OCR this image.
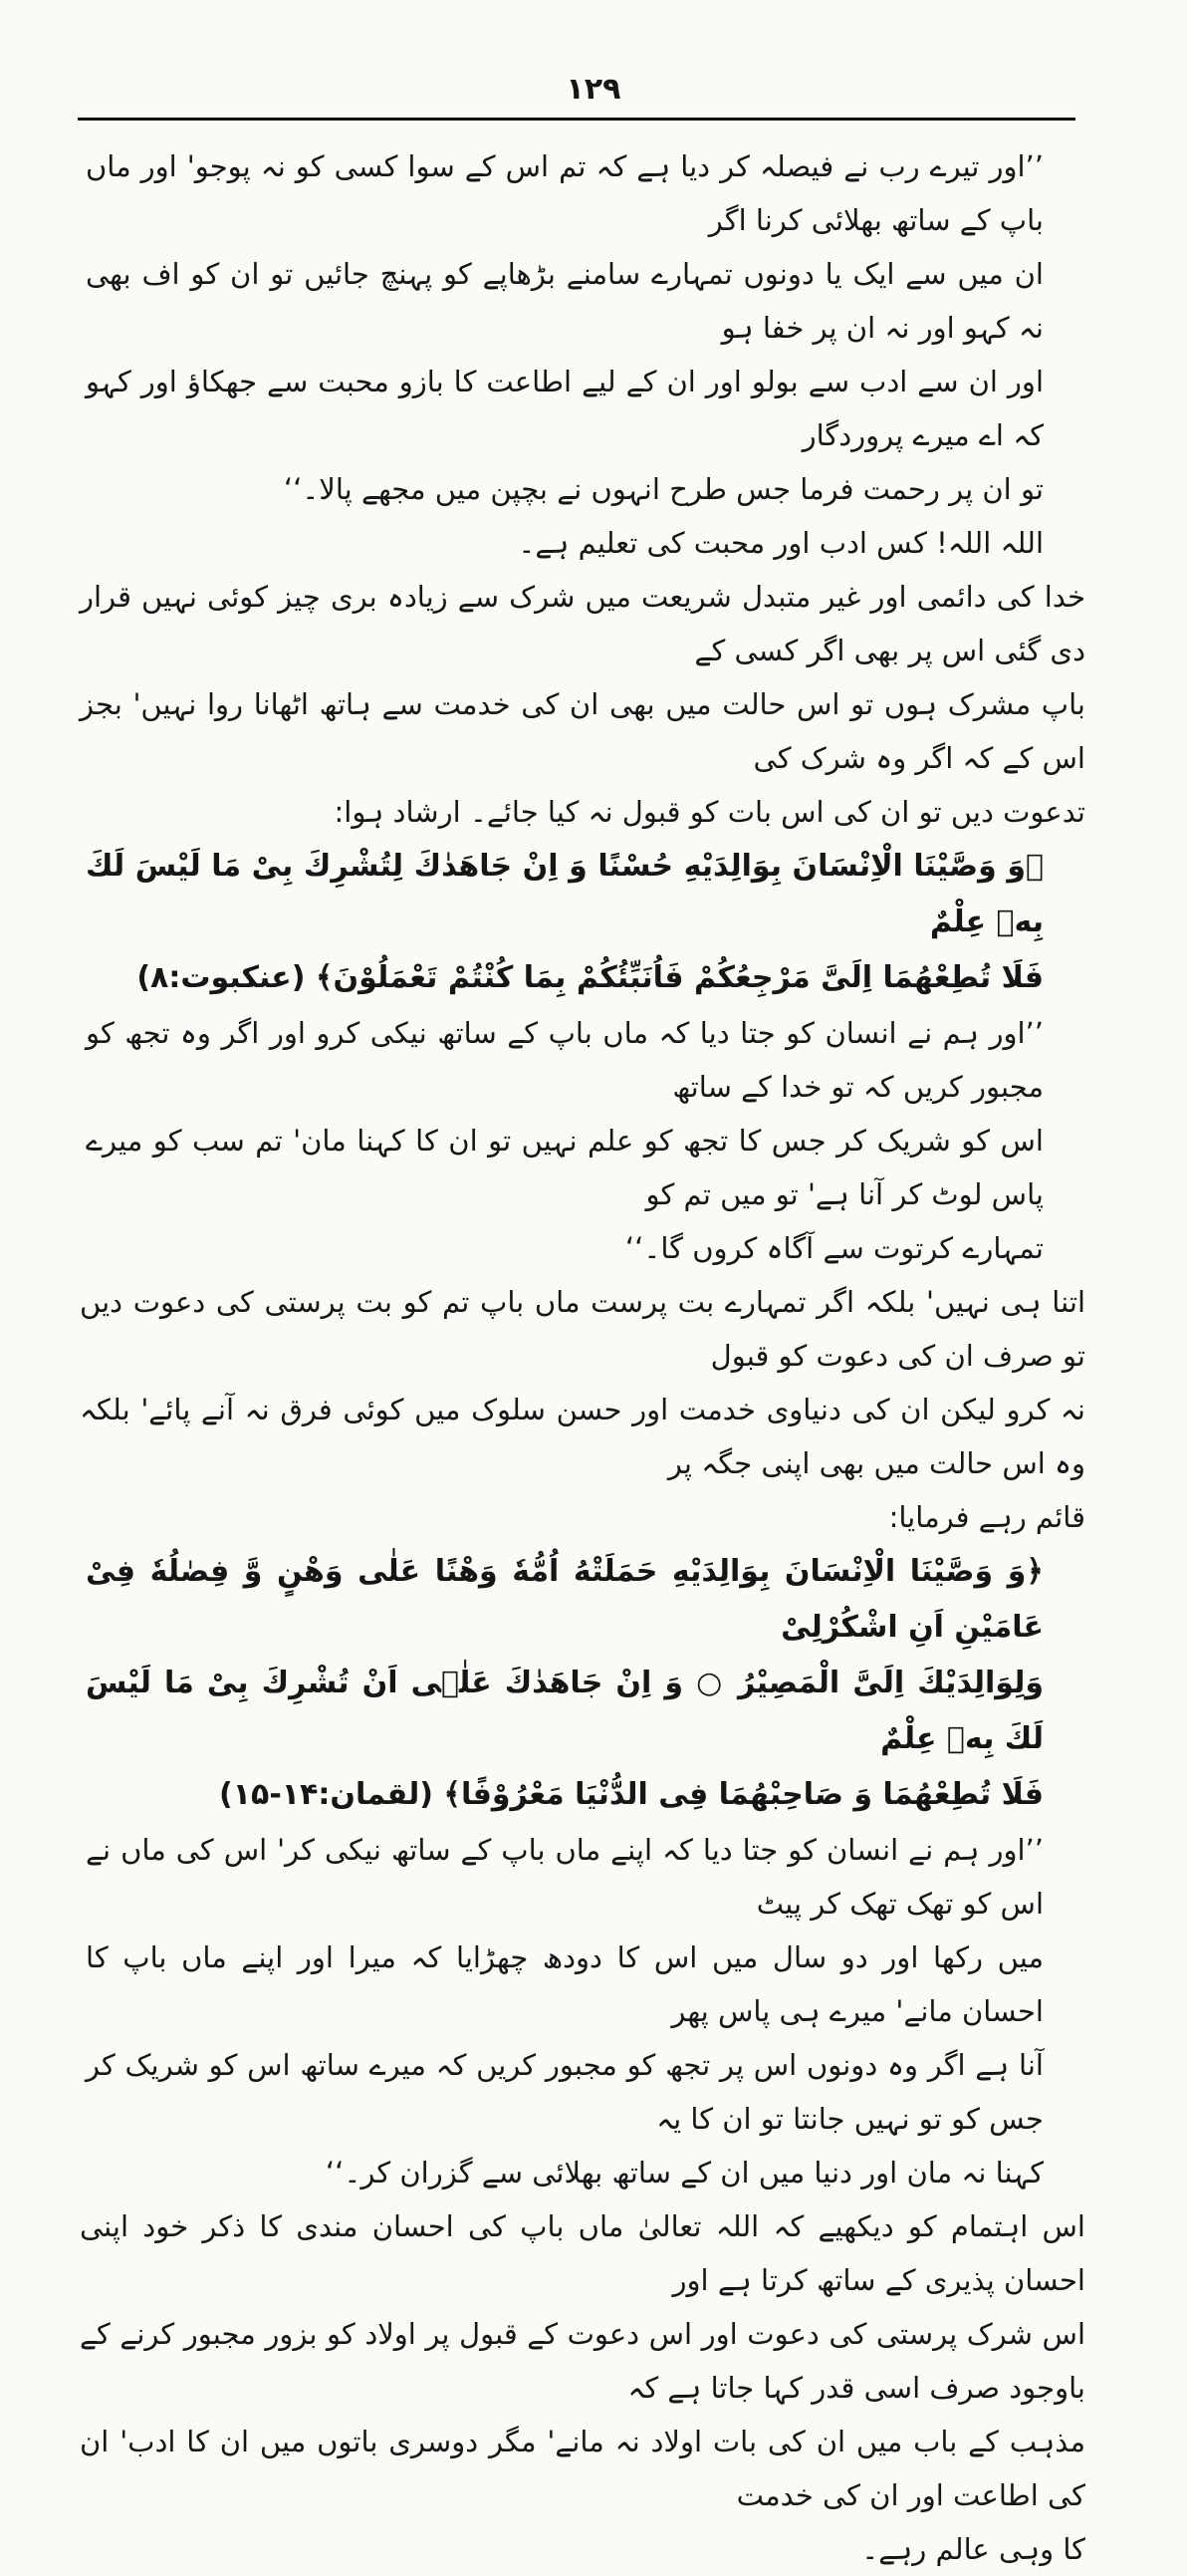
۱۲۹

’’اور تیرے رب نے فیصلہ کر دیا ہے کہ تم اس کے سوا کسی کو نہ پوجو' اور ماں باپ کے ساتھ بھلائی کرنا اگر

ان میں سے ایک یا دونوں تمہارے سامنے بڑھاپے کو پہنچ جائیں تو ان کو اف بھی نہ کہو اور نہ ان پر خفا ہو

اور ان سے ادب سے بولو اور ان کے لیے اطاعت کا بازو محبت سے جھکاؤ اور کہو کہ اے میرے پروردگار

تو ان پر رحمت فرما جس طرح انہوں نے بچپن میں مجھے پالا۔‘‘

اللہ اللہ! کس ادب اور محبت کی تعلیم ہے۔

خدا کی دائمی اور غیر متبدل شریعت میں شرک سے زیادہ بری چیز کوئی نہیں قرار دی گئی اس پر بھی اگر کسی کے

باپ مشرک ہوں تو اس حالت میں بھی ان کی خدمت سے ہاتھ اٹھانا روا نہیں' بجز اس کے کہ اگر وہ شرک کی

تدعوت دیں تو ان کی اس بات کو قبول نہ کیا جائے۔ ارشاد ہوا:

﴿وَ وَصَّیْنَا الْاِنْسَانَ بِوَالِدَیْهِ حُسْنًا وَ اِنْ جَاهَدٰكَ لِتُشْرِكَ بِیْ مَا لَیْسَ لَكَ بِهٖ عِلْمٌ

فَلَا تُطِعْهُمَا اِلَیَّ مَرْجِعُكُمْ فَاُنَبِّئُكُمْ بِمَا كُنْتُمْ تَعْمَلُوْنَ﴾ (عنکبوت:۸)

’’اور ہم نے انسان کو جتا دیا کہ ماں باپ کے ساتھ نیکی کرو اور اگر وہ تجھ کو مجبور کریں کہ تو خدا کے ساتھ

اس کو شریک کر جس کا تجھ کو علم نہیں تو ان کا کہنا مان' تم سب کو میرے پاس لوٹ کر آنا ہے' تو میں تم کو

تمہارے کرتوت سے آگاہ کروں گا۔‘‘

اتنا ہی نہیں' بلکہ اگر تمہارے بت پرست ماں باپ تم کو بت پرستی کی دعوت دیں تو صرف ان کی دعوت کو قبول

نہ کرو لیکن ان کی دنیاوی خدمت اور حسن سلوک میں کوئی فرق نہ آنے پائے' بلکہ وہ اس حالت میں بھی اپنی جگہ پر

قائم رہے فرمایا:

﴿وَ وَصَّیْنَا الْاِنْسَانَ بِوَالِدَیْهِ حَمَلَتْهُ اُمُّهٗ وَهْنًا عَلٰی وَهْنٍ وَّ فِصٰلُهٗ فِیْ عَامَیْنِ اَنِ اشْكُرْلِیْ

وَلِوَالِدَیْكَ اِلَیَّ الْمَصِیْرُ ○ وَ اِنْ جَاهَدٰكَ عَلٰۤی اَنْ تُشْرِكَ بِیْ مَا لَیْسَ لَكَ بِهٖ عِلْمٌ

فَلَا تُطِعْهُمَا وَ صَاحِبْهُمَا فِی الدُّنْیَا مَعْرُوْفًا﴾ (لقمان:۱۴-۱۵)

’’اور ہم نے انسان کو جتا دیا کہ اپنے ماں باپ کے ساتھ نیکی کر' اس کی ماں نے اس کو تھک تھک کر پیٹ

میں رکھا اور دو سال میں اس کا دودھ چھڑایا کہ میرا اور اپنے ماں باپ کا احسان مانے' میرے ہی پاس پھر

آنا ہے اگر وہ دونوں اس پر تجھ کو مجبور کریں کہ میرے ساتھ اس کو شریک کر جس کو تو نہیں جانتا تو ان کا یہ

کہنا نہ مان اور دنیا میں ان کے ساتھ بھلائی سے گزران کر۔‘‘

اس اہتمام کو دیکھیے کہ اللہ تعالیٰ ماں باپ کی احسان مندی کا ذکر خود اپنی احسان پذیری کے ساتھ کرتا ہے اور

اس شرک پرستی کی دعوت اور اس دعوت کے قبول پر اولاد کو بزور مجبور کرنے کے باوجود صرف اسی قدر کہا جاتا ہے کہ

مذہب کے باب میں ان کی بات اولاد نہ مانے' مگر دوسری باتوں میں ان کا ادب' ان کی اطاعت اور ان کی خدمت

کا وہی عالم رہے۔
